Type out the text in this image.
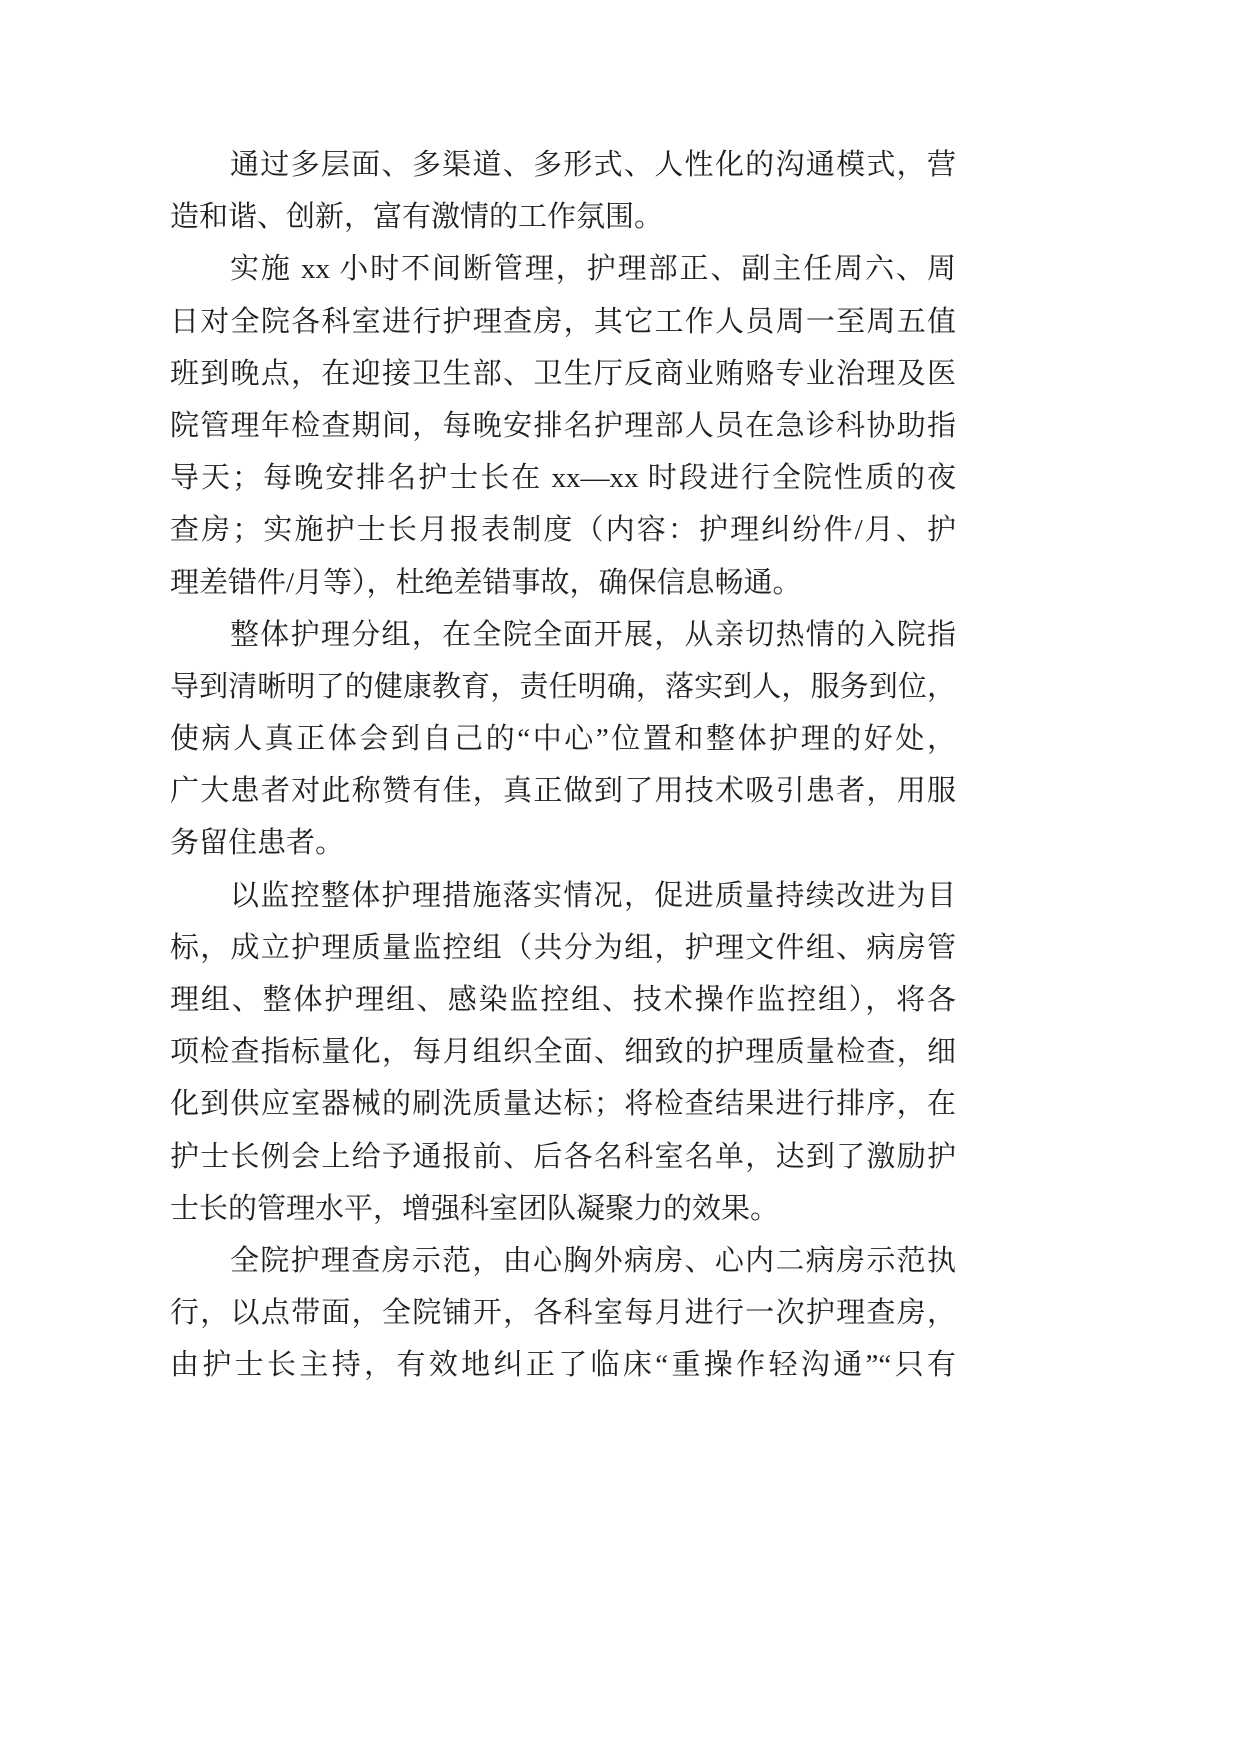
通过多层面、多渠道、多形式、人性化的沟通模式，营
造和谐、创新，富有激情的工作氛围。
实施 xx 小时不间断管理，护理部正、副主任周六、周
日对全院各科室进行护理查房，其它工作人员周一至周五值
班到晚点，在迎接卫生部、卫生厅反商业贿赂专业治理及医
院管理年检查期间，每晚安排名护理部人员在急诊科协助指
导天；每晚安排名护士长在 xx—xx 时段进行全院性质的夜
查房；实施护士长月报表制度（内容：护理纠纷件/月、护
理差错件/月等），杜绝差错事故，确保信息畅通。
整体护理分组，在全院全面开展，从亲切热情的入院指
导到清晰明了的健康教育，责任明确，落实到人，服务到位，
使病人真正体会到自己的“中心”位置和整体护理的好处，
广大患者对此称赞有佳，真正做到了用技术吸引患者，用服
务留住患者。
以监控整体护理措施落实情况，促进质量持续改进为目
标，成立护理质量监控组（共分为组，护理文件组、病房管
理组、整体护理组、感染监控组、技术操作监控组），将各
项检查指标量化，每月组织全面、细致的护理质量检查，细
化到供应室器械的刷洗质量达标；将检查结果进行排序，在
护士长例会上给予通报前、后各名科室名单，达到了激励护
士长的管理水平，增强科室团队凝聚力的效果。
全院护理查房示范，由心胸外病房、心内二病房示范执
行，以点带面，全院铺开，各科室每月进行一次护理查房，
由护士长主持，有效地纠正了临床“重操作轻沟通”“只有
